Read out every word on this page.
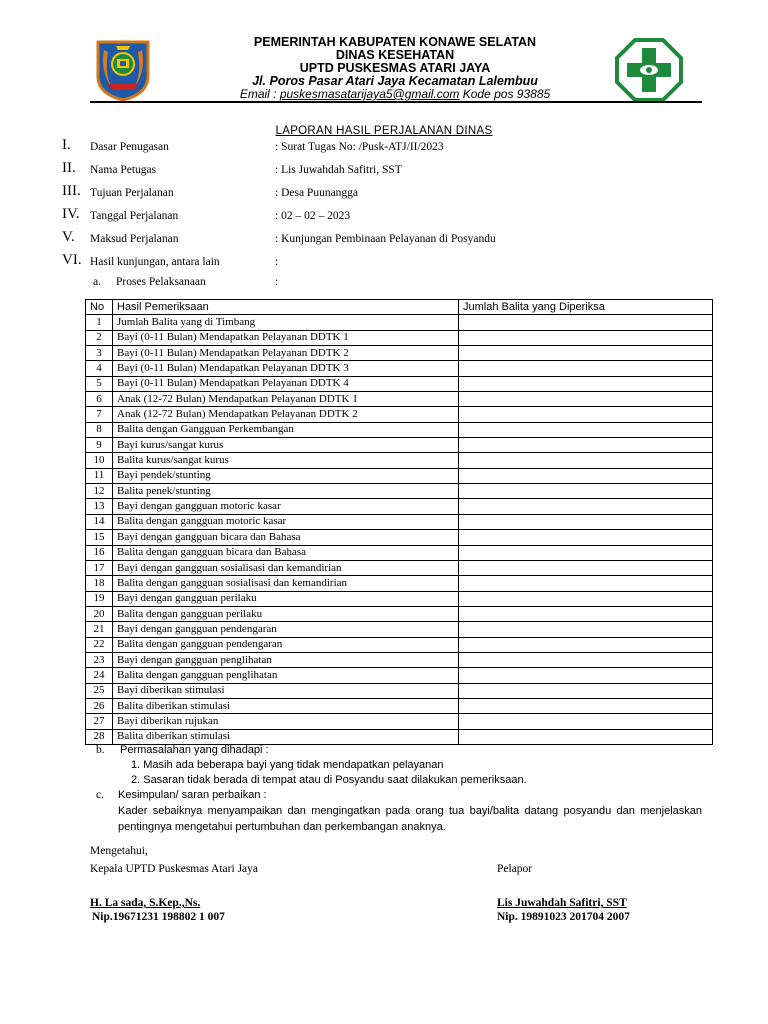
PEMERINTAH KABUPATEN KONAWE SELATAN
DINAS KESEHATAN
UPTD PUSKESMAS ATARI JAYA
Jl. Poros Pasar Atari Jaya Kecamatan Lalembuu
Email : puskesmasatarijaya5@gmail.com Kode pos 93885
LAPORAN HASIL PERJALANAN DINAS
I. Dasar Penugasan	: Surat Tugas No: /Pusk-ATJ/II/2023
II. Nama Petugas	: Lis Juwahdah Safitri, SST
III. Tujuan Perjalanan	: Desa Puunangga
IV. Tanggal Perjalanan	: 02 – 02 – 2023
V. Maksud Perjalanan	: Kunjungan Pembinaan Pelayanan di Posyandu
VI. Hasil kunjungan, antara lain	:
a. Proses Pelaksanaan	:
No	Hasil Pemeriksaan	Jumlah Balita yang Diperiksa
1	Jumlah Balita yang di Timbang	
2	Bayi (0-11 Bulan) Mendapatkan Pelayanan DDTK 1	
3	Bayi (0-11 Bulan) Mendapatkan Pelayanan DDTK 2	
4	Bayi (0-11 Bulan) Mendapatkan Pelayanan DDTK 3	
5	Bayi (0-11 Bulan) Mendapatkan Pelayanan DDTK 4	
6	Anak (12-72 Bulan) Mendapatkan Pelayanan DDTK 1	
7	Anak (12-72 Bulan) Mendapatkan Pelayanan DDTK 2	
8	Balita dengan Gangguan Perkembangan	
9	Bayi kurus/sangat kurus	
10	Balita kurus/sangat kurus	
11	Bayi pendek/stunting	
12	Balita penek/stunting	
13	Bayi dengan gangguan motoric kasar	
14	Balita dengan gangguan motoric kasar	
15	Bayi dengan gangguan bicara dan Bahasa	
16	Balita dengan gangguan bicara dan Bahasa	
17	Bayi dengan gangguan sosialisasi dan kemandirian	
18	Balita dengan gangguan sosialisasi dan kemandirian	
19	Bayi dengan gangguan perilaku	
20	Balita dengan gangguan perilaku	
21	Bayi dengan gangguan pendengaran	
22	Balita dengan gangguan pendengaran	
23	Bayi dengan gangguan penglihatan	
24	Balita dengan gangguan penglihatan	
25	Bayi diberikan stimulasi	
26	Balita diberikan stimulasi	
27	Bayi diberikan rujukan	
28	Balita diberikan stimulasi	
b. Permasalahan yang dihadapi :
1. Masih ada beberapa bayi yang tidak mendapatkan pelayanan
2. Sasaran tidak berada di tempat atau di Posyandu saat dilakukan pemeriksaan.
c. Kesimpulan/ saran perbaikan :
Kader sebaiknya menyampaikan dan mengingatkan pada orang tua bayi/balita datang posyandu dan menjelaskan pentingnya mengetahui pertumbuhan dan perkembangan anaknya.
Mengetahui,
Kepala UPTD Puskesmas Atari Jaya	Pelapor
H. La sada, S.Kep.,Ns.
Nip.19671231 198802 1 007
Lis Juwahdah Safitri, SST
Nip. 19891023 201704 2007
